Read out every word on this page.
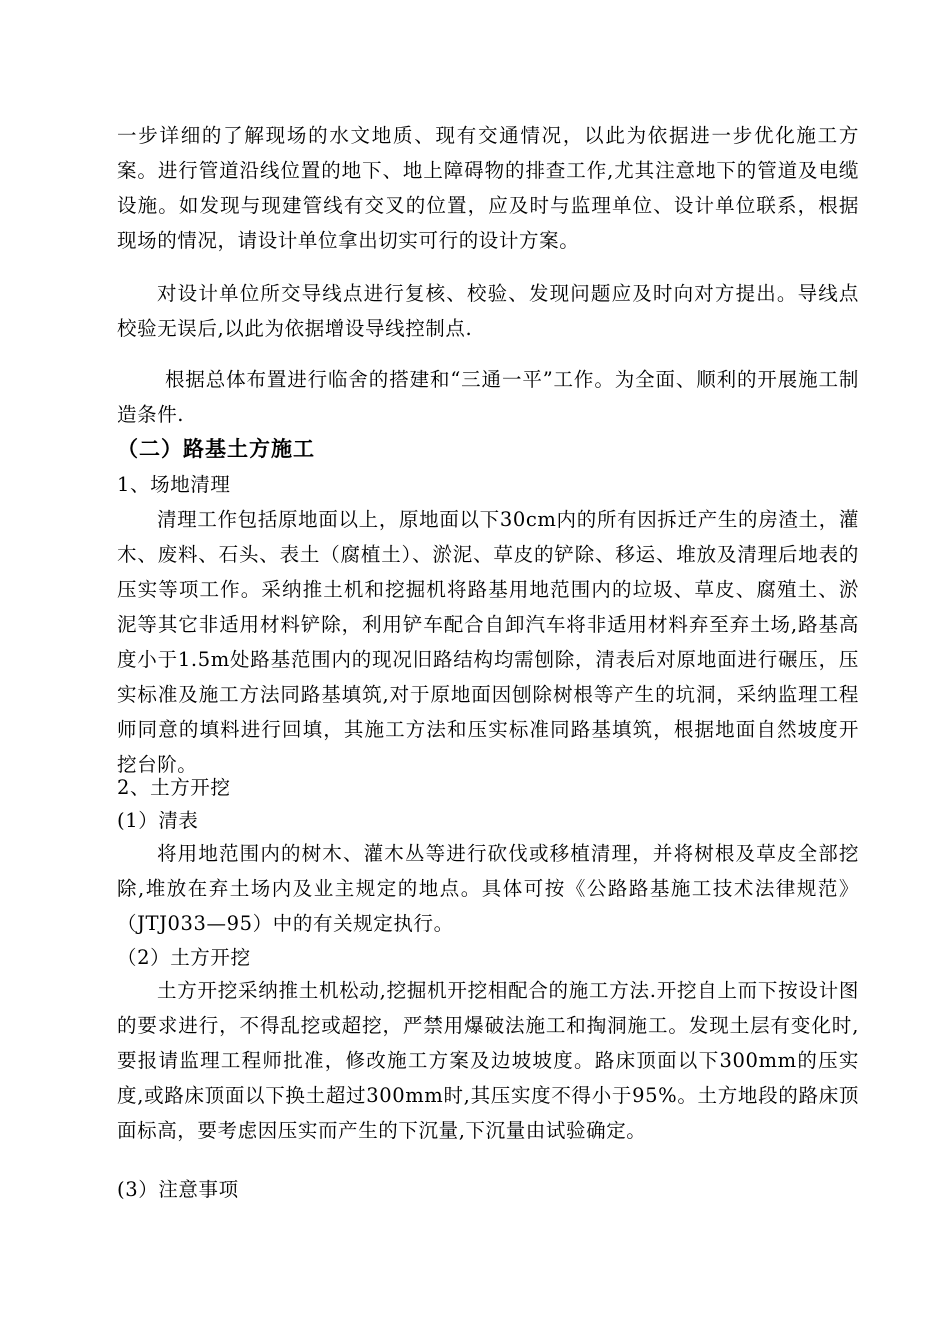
一步详细的了解现场的水文地质、现有交通情况，以此为依据进一步优化施工方案。进行管道沿线位置的地下、地上障碍物的排查工作,尤其注意地下的管道及电缆设施。如发现与现建管线有交叉的位置，应及时与监理单位、设计单位联系，根据现场的情况，请设计单位拿出切实可行的设计方案。

对设计单位所交导线点进行复核、校验、发现问题应及时向对方提出。导线点校验无误后,以此为依据增设导线控制点.

根据总体布置进行临舍的搭建和“三通一平”工作。为全面、顺利的开展施工制造条件.

（二）路基土方施工

1、场地清理

清理工作包括原地面以上，原地面以下30cm内的所有因拆迁产生的房渣土，灌木、废料、石头、表土（腐植土）、淤泥、草皮的铲除、移运、堆放及清理后地表的压实等项工作。采纳推土机和挖掘机将路基用地范围内的垃圾、草皮、腐殖土、淤泥等其它非适用材料铲除，利用铲车配合自卸汽车将非适用材料弃至弃土场,路基高度小于1.5m处路基范围内的现况旧路结构均需刨除，清表后对原地面进行碾压，压实标准及施工方法同路基填筑,对于原地面因刨除树根等产生的坑洞，采纳监理工程师同意的填料进行回填，其施工方法和压实标准同路基填筑，根据地面自然坡度开挖台阶。

2、土方开挖

(1）清表

将用地范围内的树木、灌木丛等进行砍伐或移植清理，并将树根及草皮全部挖除,堆放在弃土场内及业主规定的地点。具体可按《公路路基施工技术法律规范》（JTJ033—95）中的有关规定执行。

（2）土方开挖

土方开挖采纳推土机松动,挖掘机开挖相配合的施工方法.开挖自上而下按设计图的要求进行，不得乱挖或超挖，严禁用爆破法施工和掏洞施工。发现土层有变化时,要报请监理工程师批准，修改施工方案及边坡坡度。路床顶面以下300mm的压实度,或路床顶面以下换土超过300mm时,其压实度不得小于95%。土方地段的路床顶面标高，要考虑因压实而产生的下沉量,下沉量由试验确定。

(3）注意事项
